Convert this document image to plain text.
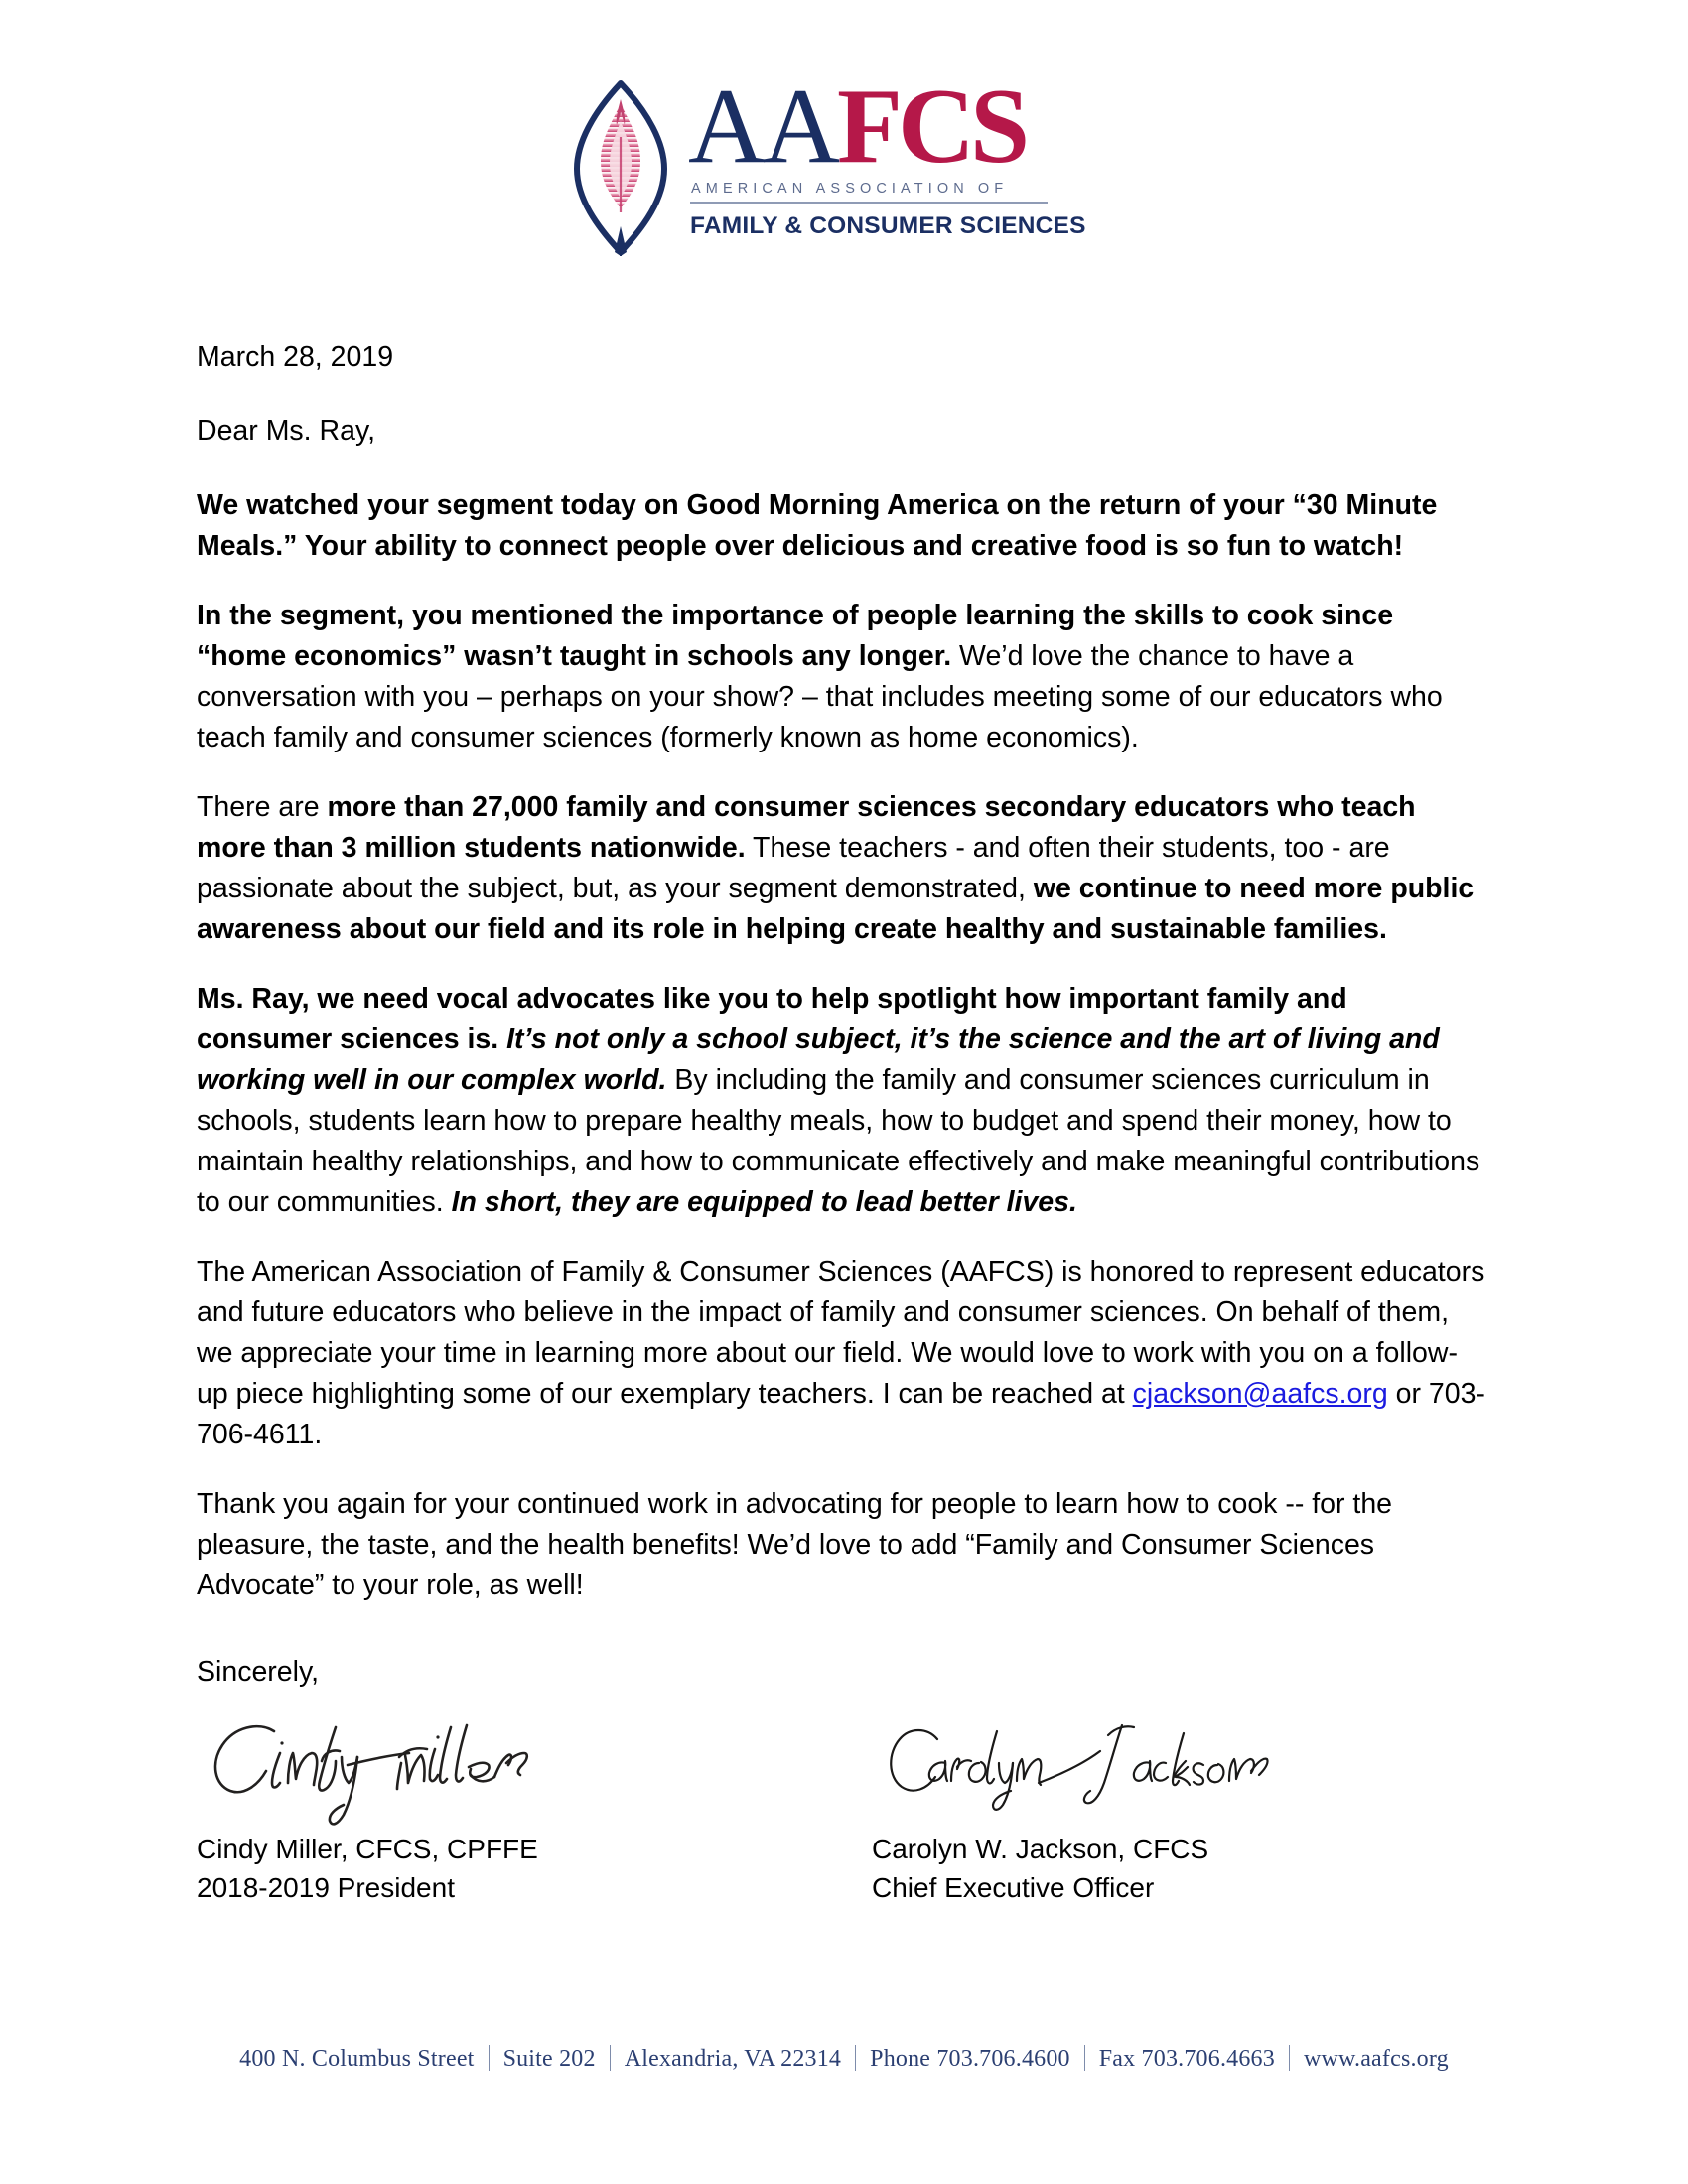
AAFCS
AMERICAN ASSOCIATION OF
FAMILY & CONSUMER SCIENCES

March 28, 2019

Dear Ms. Ray,

We watched your segment today on Good Morning America on the return of your “30 Minute Meals.” Your ability to connect people over delicious and creative food is so fun to watch!

In the segment, you mentioned the importance of people learning the skills to cook since “home economics” wasn’t taught in schools any longer. We’d love the chance to have a conversation with you – perhaps on your show? – that includes meeting some of our educators who teach family and consumer sciences (formerly known as home economics).

There are more than 27,000 family and consumer sciences secondary educators who teach more than 3 million students nationwide. These teachers - and often their students, too - are passionate about the subject, but, as your segment demonstrated, we continue to need more public awareness about our field and its role in helping create healthy and sustainable families.

Ms. Ray, we need vocal advocates like you to help spotlight how important family and consumer sciences is. It’s not only a school subject, it’s the science and the art of living and working well in our complex world. By including the family and consumer sciences curriculum in schools, students learn how to prepare healthy meals, how to budget and spend their money, how to maintain healthy relationships, and how to communicate effectively and make meaningful contributions to our communities. In short, they are equipped to lead better lives.

The American Association of Family & Consumer Sciences (AAFCS) is honored to represent educators and future educators who believe in the impact of family and consumer sciences. On behalf of them, we appreciate your time in learning more about our field. We would love to work with you on a follow-up piece highlighting some of our exemplary teachers. I can be reached at cjackson@aafcs.org or 703-706-4611.

Thank you again for your continued work in advocating for people to learn how to cook -- for the pleasure, the taste, and the health benefits! We’d love to add “Family and Consumer Sciences Advocate” to your role, as well!

Sincerely,
Cindy Miller, CFCS, CPFFE
2018-2019 President
Carolyn W. Jackson, CFCS
Chief Executive Officer
400 N. Columbus Street Suite 202 Alexandria, VA 22314 Phone 703.706.4600 Fax 703.706.4663 www.aafcs.org
